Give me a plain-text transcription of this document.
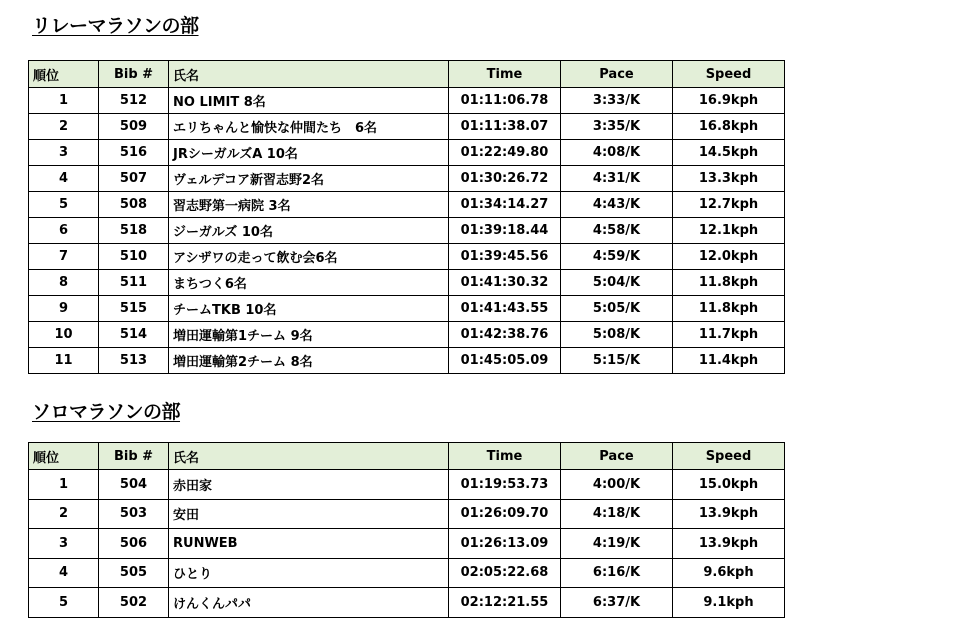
リレーマラソンの部
順位	Bib #	氏名	Time	Pace	Speed
1	512	NO LIMIT 8名	01:11:06.78	3:33/K	16.9kph
2	509	エリちゃんと愉快な仲間たち　6名	01:11:38.07	3:35/K	16.8kph
3	516	JRシーガルズA 10名	01:22:49.80	4:08/K	14.5kph
4	507	ヴェルデコア新習志野2名	01:30:26.72	4:31/K	13.3kph
5	508	習志野第一病院 3名	01:34:14.27	4:43/K	12.7kph
6	518	ジーガルズ 10名	01:39:18.44	4:58/K	12.1kph
7	510	アシザワの走って飲む会6名	01:39:45.56	4:59/K	12.0kph
8	511	まちつく6名	01:41:30.32	5:04/K	11.8kph
9	515	チームTKB 10名	01:41:43.55	5:05/K	11.8kph
10	514	増田運輸第1チーム 9名	01:42:38.76	5:08/K	11.7kph
11	513	増田運輸第2チーム 8名	01:45:05.09	5:15/K	11.4kph
ソロマラソンの部
順位	Bib #	氏名	Time	Pace	Speed
1	504	赤田家	01:19:53.73	4:00/K	15.0kph
2	503	安田	01:26:09.70	4:18/K	13.9kph
3	506	RUNWEB	01:26:13.09	4:19/K	13.9kph
4	505	ひとり	02:05:22.68	6:16/K	9.6kph
5	502	けんくんパパ	02:12:21.55	6:37/K	9.1kph
